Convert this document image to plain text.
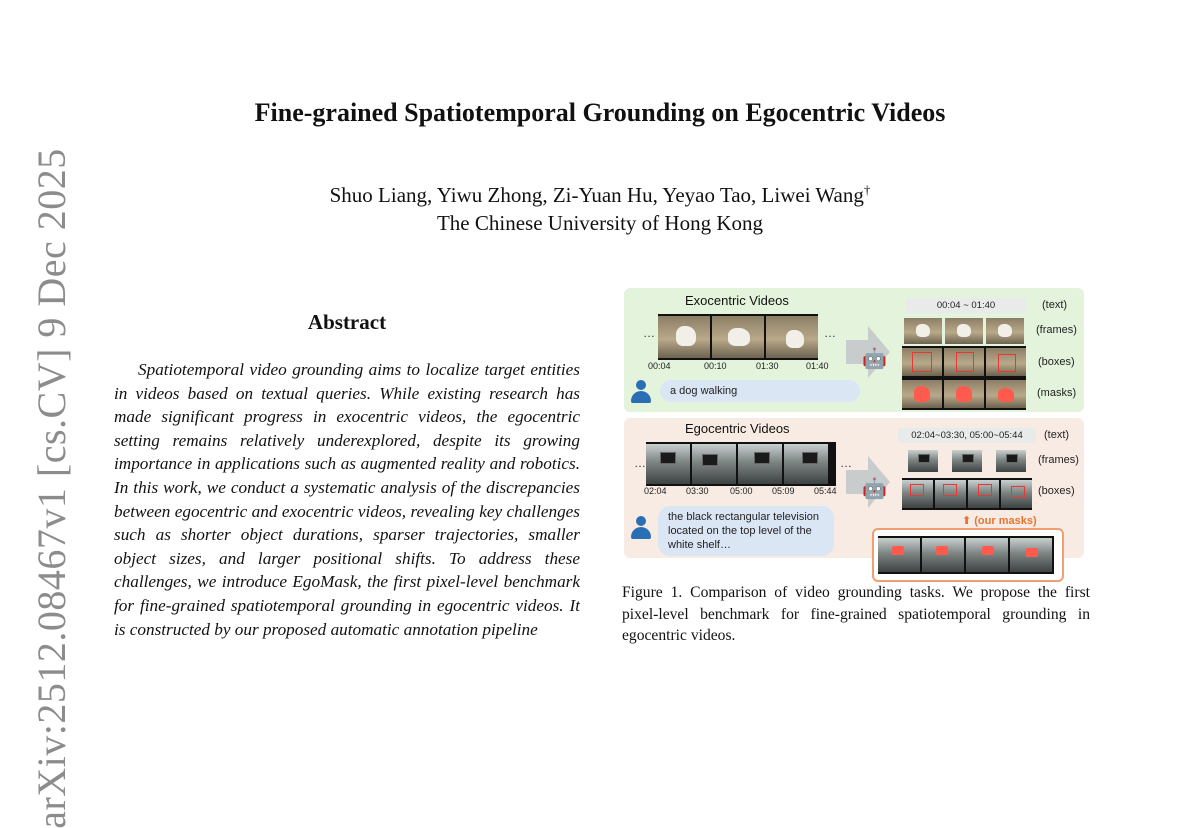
arXiv:2512.08467v1 [cs.CV] 9 Dec 2025
Fine-grained Spatiotemporal Grounding on Egocentric Videos
Shuo Liang, Yiwu Zhong, Zi-Yuan Hu, Yeyao Tao, Liwei Wang†
The Chinese University of Hong Kong
Abstract
Spatiotemporal video grounding aims to localize target entities in videos based on textual queries. While existing research has made significant progress in exocentric videos, the egocentric setting remains relatively underexplored, despite its growing importance in applications such as augmented reality and robotics. In this work, we conduct a systematic analysis of the discrepancies between egocentric and exocentric videos, revealing key challenges such as shorter object durations, sparser trajectories, smaller object sizes, and larger positional shifts. To address these challenges, we introduce EgoMask, the first pixel-level benchmark for fine-grained spatiotemporal grounding in egocentric videos. It is constructed by our proposed automatic annotation pipeline
Exocentric Videos
…	…
00:04	00:10	01:30	01:40
a dog walking
🤖
00:04 ~ 01:40	(text)
(frames)
(boxes)
(masks)
Egocentric Videos
…	…
02:04 03:30 05:00 05:09 05:44
the black rectangular television located on the top level of the white shelf…
🤖
02:04~03:30, 05:00~05:44	(text)
(frames)
(boxes)
⬆ (our masks)
Figure 1. Comparison of video grounding tasks. We propose the first pixel-level benchmark for fine-grained spatiotemporal grounding in egocentric videos.
